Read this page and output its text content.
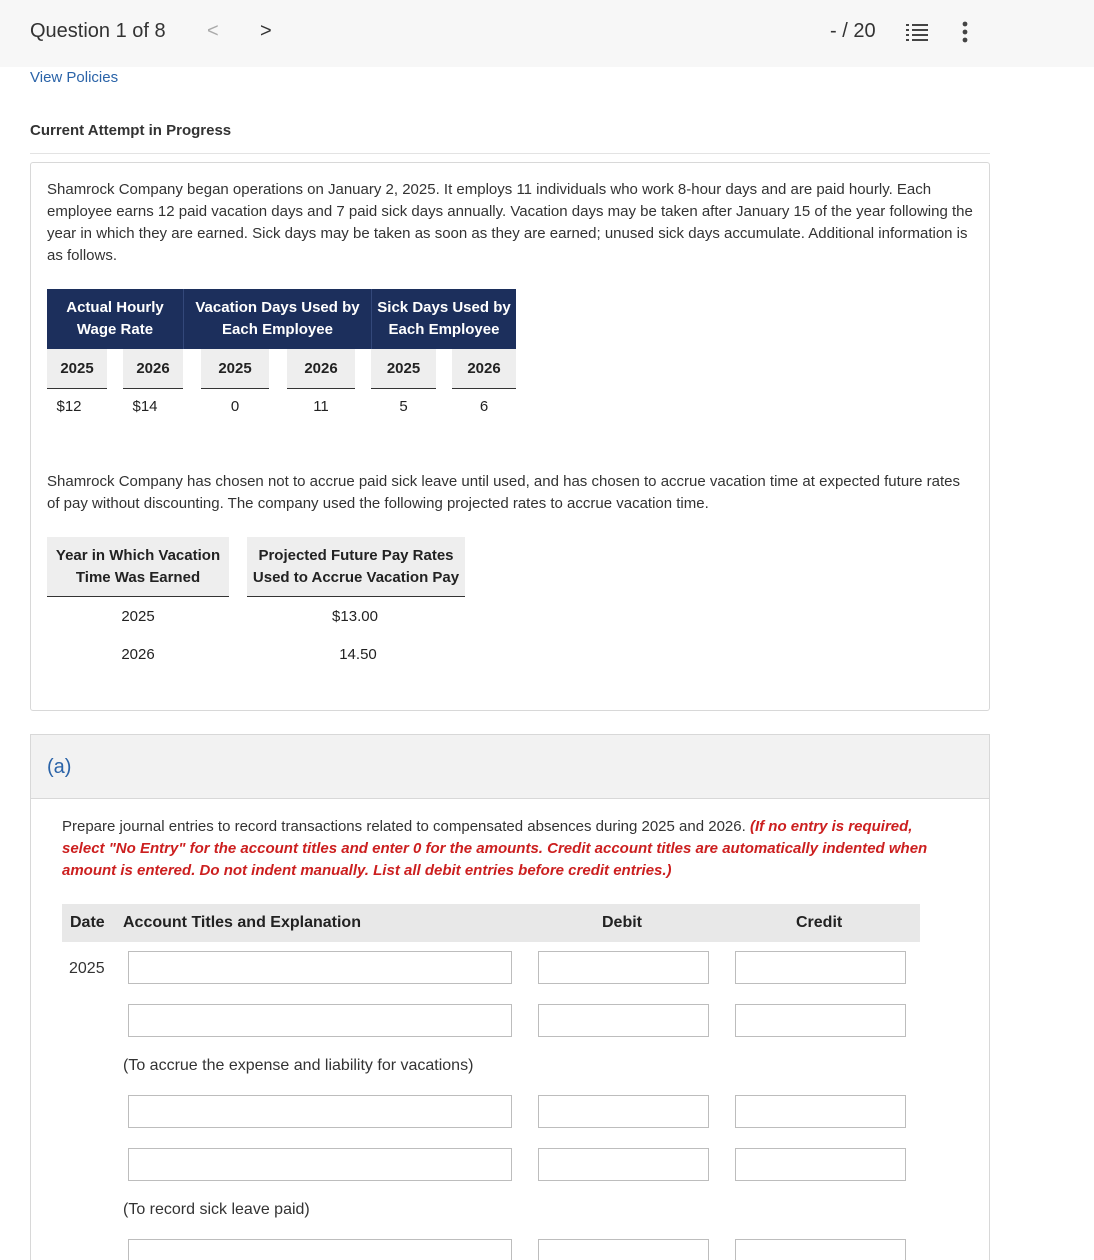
Question 1 of 8 < >	- / 20
View Policies
Current Attempt in Progress

Shamrock Company began operations on January 2, 2025. It employs 11 individuals who work 8-hour days and are paid hourly. Each employee earns 12 paid vacation days and 7 paid sick days annually. Vacation days may be taken after January 15 of the year following the year in which they are earned. Sick days may be taken as soon as they are earned; unused sick days accumulate. Additional information is as follows.

Actual Hourly Wage Rate
Vacation Days Used by Each Employee
Sick Days Used by Each Employee
2025	2026	2025	2026	2025	2026
$12	$14	0	11	5	6

Shamrock Company has chosen not to accrue paid sick leave until used, and has chosen to accrue vacation time at expected future rates of pay without discounting. The company used the following projected rates to accrue vacation time.

Year in Which Vacation Time Was Earned
Projected Future Pay Rates Used to Accrue Vacation Pay
2025	$13.00
2026	14.50
(a)

Prepare journal entries to record transactions related to compensated absences during 2025 and 2026. (If no entry is required, select "No Entry" for the account titles and enter 0 for the amounts. Credit account titles are automatically indented when amount is entered. Do not indent manually. List all debit entries before credit entries.)

Date Account Titles and Explanation	Debit	Credit
2025
(To accrue the expense and liability for vacations)
(To record sick leave paid)
